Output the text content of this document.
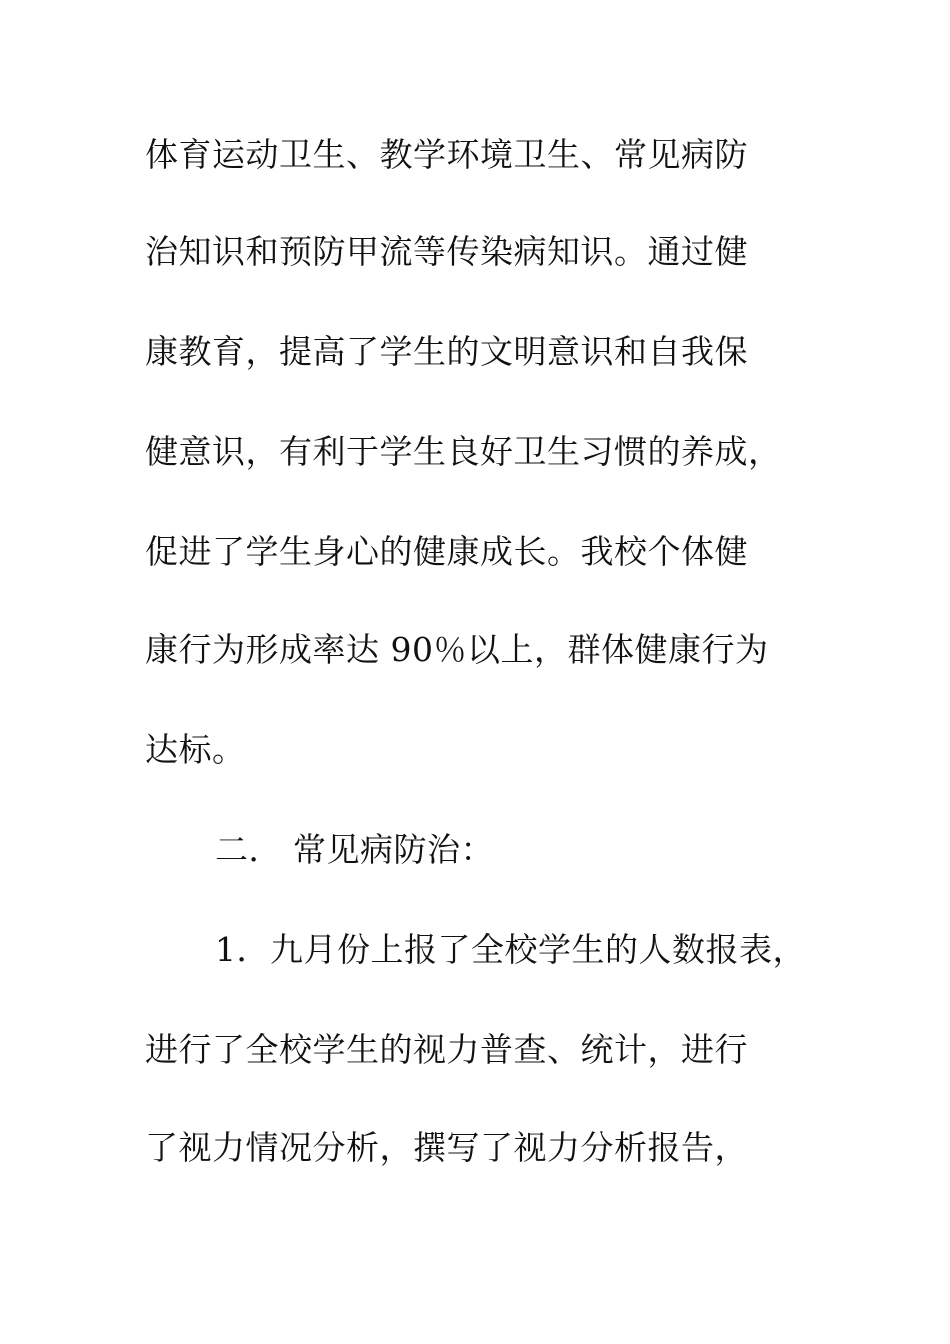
体育运动卫生、教学环境卫生、常见病防
治知识和预防甲流等传染病知识。通过健
康教育，提高了学生的文明意识和自我保
健意识，有利于学生良好卫生习惯的养成，
促进了学生身心的健康成长。我校个体健
康行为形成率达 90％以上，群体健康行为
达标。
二． 常见病防治：
1．九月份上报了全校学生的人数报表，
进行了全校学生的视力普查、统计，进行
了视力情况分析，撰写了视力分析报告，
